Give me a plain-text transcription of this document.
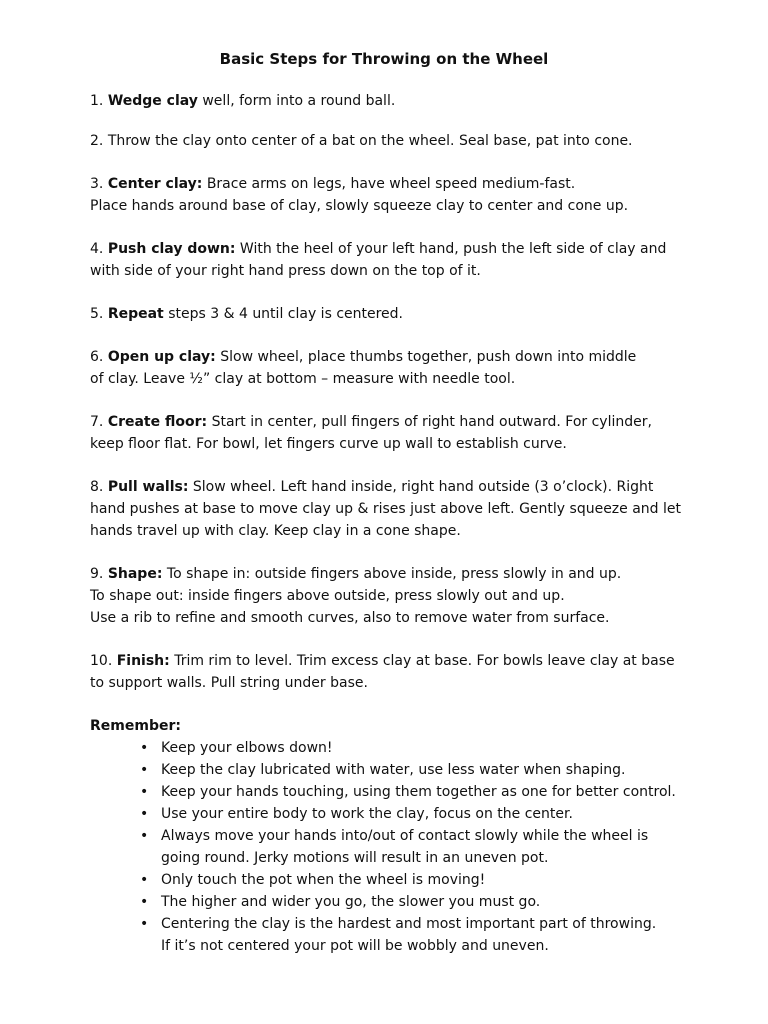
Basic Steps for Throwing on the Wheel
1. Wedge clay well, form into a round ball.
2. Throw the clay onto center of a bat on the wheel. Seal base, pat into cone.
3. Center clay: Brace arms on legs, have wheel speed medium-fast.
Place hands around base of clay, slowly squeeze clay to center and cone up.
4. Push clay down: With the heel of your left hand, push the left side of clay and
with side of your right hand press down on the top of it.
5. Repeat steps 3 & 4 until clay is centered.
6. Open up clay: Slow wheel, place thumbs together, push down into middle
of clay. Leave ½” clay at bottom – measure with needle tool.
7. Create floor: Start in center, pull fingers of right hand outward. For cylinder,
keep floor flat. For bowl, let fingers curve up wall to establish curve.
8. Pull walls: Slow wheel. Left hand inside, right hand outside (3 o’clock). Right
hand pushes at base to move clay up & rises just above left. Gently squeeze and let
hands travel up with clay. Keep clay in a cone shape.
9. Shape: To shape in: outside fingers above inside, press slowly in and up.
To shape out: inside fingers above outside, press slowly out and up.
Use a rib to refine and smooth curves, also to remove water from surface.
10. Finish: Trim rim to level. Trim excess clay at base. For bowls leave clay at base
to support walls. Pull string under base.
Remember:
• Keep your elbows down!
• Keep the clay lubricated with water, use less water when shaping.
• Keep your hands touching, using them together as one for better control.
• Use your entire body to work the clay, focus on the center.
• Always move your hands into/out of contact slowly while the wheel is
going round. Jerky motions will result in an uneven pot.
• Only touch the pot when the wheel is moving!
• The higher and wider you go, the slower you must go.
• Centering the clay is the hardest and most important part of throwing.
If it’s not centered your pot will be wobbly and uneven.
